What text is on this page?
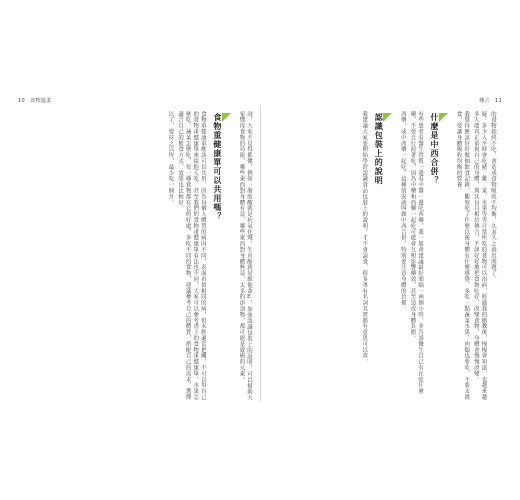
10　食物溫柔	傳言　11

的食物始終不吃，會造成食物吸收不均衡，久而久之就出問題了。

疑：多少人平時會吃豬、雞、菜、水果等等日常所吃的食物可以治病，經過我的衛教後，慢慢會知道，也越來越多人能真正重視自己的身體，與其盲目相信傳言，不如好好地把食物吃好，改變食物，身體會慢慢改變。

我覺得應該好好做個飲食記錄，觀察吃了什麼以後身體有什麼感覺，多吃一點蔬菜水果，肉類也要吃，不要太挑食，要讓身體吸收均衡的營養。

什麼是中西合併？

有些患者看醫生習慣一邊看中醫一邊吃西藥，我一般會建議最好間隔一兩個小時，並告訴醫生自己有在吃什麼藥，不要自行混著吃，因為中藥和西藥一起吃可能會互相影響藥效，甚至造成身體負擔。

西藥，或中西藥一起吃，這種情況就叫做中西合併，特別要注意身體的負擔。

認識包裝上的說明

我建議大家要開始學習認識食品包裝上的說明，才不會誤食，很多專有名詞其實都有意思可以查。

詞，大家不見得都懂，例如：脂肪酸就是抗氧化劑，生育酚就是維他命E，加強認識包裝上的說明，可以幫助大家懂得食物的功能，哪些東西對身體有益，哪些東西對身體無益，太多的添加物，都可能是致癌的元素。

食物重健康單可以共用嗎？

食物重健康單應該可以共用，因為每個人體質的病因不同，表面看似相同的病，但未經適當把關，不可以用自己的食物重健康單來給他人吃，甚至我們的食物重健康單看法也不同，大家可以參考書上的食物重健康單，水果怎麼吃，蔬菜怎麼吃，每一種食物都有它的好處，多吃不同的食物，建議參考自己的體質，搭配自己的需求，選擇適合自己的飲食方式，效果也比較好。

以了，要持之以恆，最少吃一個月。
